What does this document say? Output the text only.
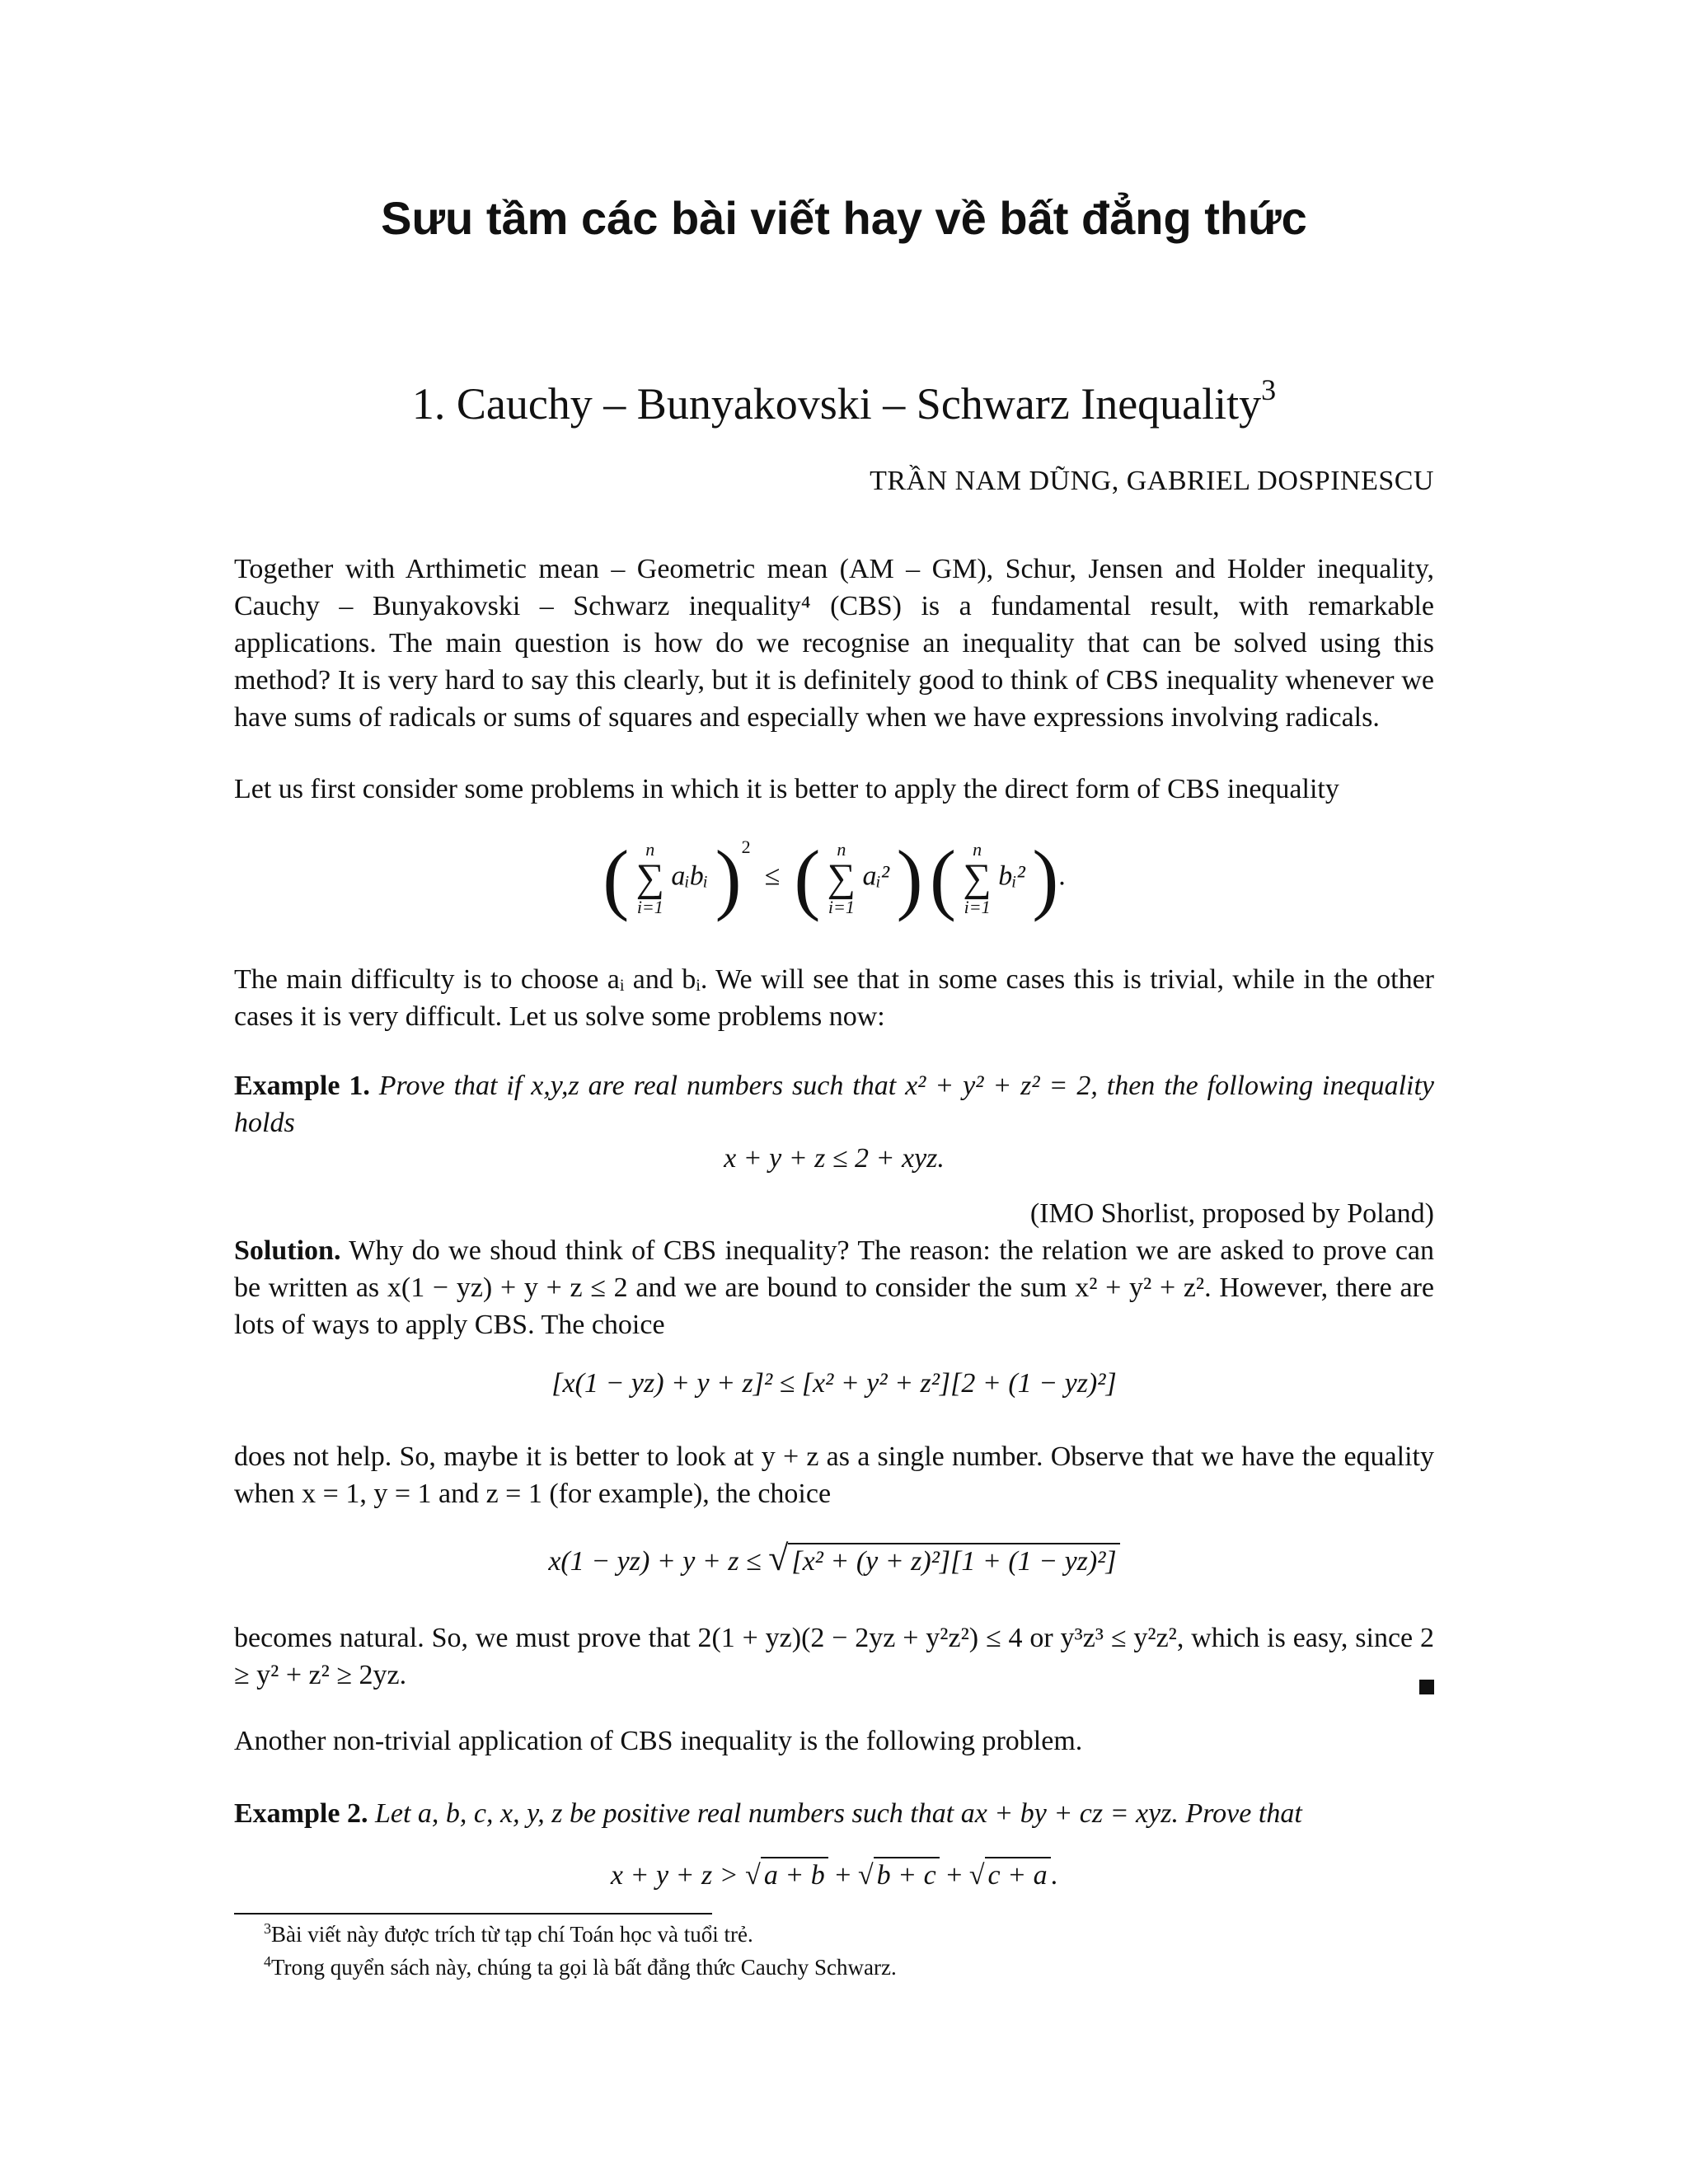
Sưu tầm các bài viết hay về bất đẳng thức
1. Cauchy – Bunyakovski – Schwarz Inequality$^3$
TRẦN NAM DŨNG, GABRIEL DOSPINESCU

Together with Arthimetic mean – Geometric mean (AM – GM), Schur, Jensen and Holder inequality, Cauchy – Bunyakovski – Schwarz inequality⁴ (CBS) is a fundamental result, with remarkable applications. The main question is how do we recognise an inequality that can be solved using this method? It is very hard to say this clearly, but it is definitely good to think of CBS inequality whenever we have sums of radicals or sums of squares and especially when we have expressions involving radicals.

Let us first consider some problems in which it is better to apply the direct form of CBS inequality

( n
∑
i=1
aᵢbᵢ )$^2$  ≤ ( n
∑
i=1
aᵢ² ) ( n
∑
i=1
bᵢ² ).

The main difficulty is to choose aᵢ and bᵢ. We will see that in some cases this is trivial, while in the other cases it is very difficult. Let us solve some problems now:

Example 1. Prove that if x,y,z are real numbers such that x² + y² + z² = 2, then the following inequality holds

x + y + z ≤ 2 + xyz.

(IMO Shorlist, proposed by Poland)

Solution. Why do we shoud think of CBS inequality? The reason: the relation we are asked to prove can be written as x(1 − yz) + y + z ≤ 2 and we are bound to consider the sum x² + y² + z². However, there are lots of ways to apply CBS. The choice

[x(1 − yz) + y + z]² ≤ [x² + y² + z²][2 + (1 − yz)²]

does not help. So, maybe it is better to look at y + z as a single number. Observe that we have the equality when x = 1, y = 1 and z = 1 (for example), the choice

x(1 − yz) + y + z ≤ √ [x² + (y + z)²][1 + (1 − yz)²]

becomes natural. So, we must prove that 2(1 + yz)(2 − 2yz + y²z²) ≤ 4 or y³z³ ≤ y²z², which is easy, since 2 ≥ y² + z² ≥ 2yz.

Another non-trivial application of CBS inequality is the following problem.

Example 2. Let a, b, c, x, y, z be positive real numbers such that ax + by + cz = xyz. Prove that

x + y + z > √ a + b + √ b + c + √ c + a .
$^3$Bài viết này được trích từ tạp chí Toán học và tuổi trẻ.
$^4$Trong quyển sách này, chúng ta gọi là bất đẳng thức Cauchy Schwarz.
